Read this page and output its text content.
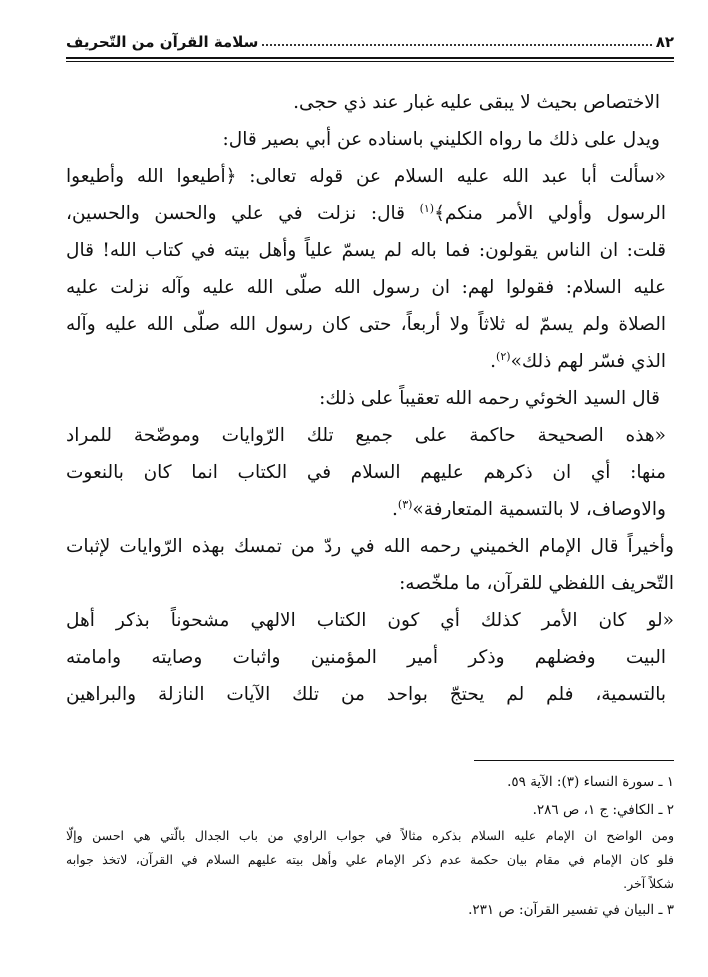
٨٢
سلامة القرآن من التّحريف
الاختصاص بحيث لا يبقى عليه غبار عند ذي حجى.
ويدل على ذلك ما رواه الكليني باسناده عن أبي بصير قال:
«سألت أبا عبد الله عليه السلام عن قوله تعالى: ﴿أطيعوا الله وأطيعوا
الرسول وأولي الأمر منكم﴾$^{(١)}$ قال: نزلت في علي والحسن والحسين،
قلت: ان الناس يقولون: فما باله لم يسمّ علياً وأهل بيته في كتاب الله! قال
عليه السلام: فقولوا لهم: ان رسول الله صلّى الله عليه وآله نزلت عليه
الصلاة ولم يسمّ له ثلاثاً ولا أربعاً، حتى كان رسول الله صلّى الله عليه وآله
الذي فسّر لهم ذلك»$^{(٢)}$.
قال السيد الخوئي رحمه الله تعقيباً على ذلك:
«هذه الصحيحة حاكمة على جميع تلك الرّوايات وموضّحة للمراد
منها: أي ان ذكرهم عليهم السلام في الكتاب انما كان بالنعوت
والاوصاف، لا بالتسمية المتعارفة»$^{(٣)}$.
وأخيراً قال الإمام الخميني رحمه الله في ردّ من تمسك بهذه الرّوايات لإثبات
التّحريف اللفظي للقرآن، ما ملخّصه:
«لو كان الأمر كذلك أي كون الكتاب الالهي مشحوناً بذكر أهل
البيت وفضلهم وذكر أمير المؤمنين واثبات وصايته وامامته
بالتسمية، فلم لم يحتجّ بواحد من تلك الآيات النازلة والبراهين
١ ـ سورة النساء (٣): الآية ٥٩.
٢ ـ الكافي: ج ١، ص ٢٨٦.
ومن الواضح ان الإمام عليه السلام بذكره مثالاً في جواب الراوي من باب الجدال بالّتي هي احسن وإلّا
فلو كان الإمام في مقام بيان حكمة عدم ذكر الإمام علي وأهل بيته عليهم السلام في القرآن، لاتخذ جوابه
شكلاً آخر.
٣ ـ البيان في تفسير القرآن: ص ٢٣١.
